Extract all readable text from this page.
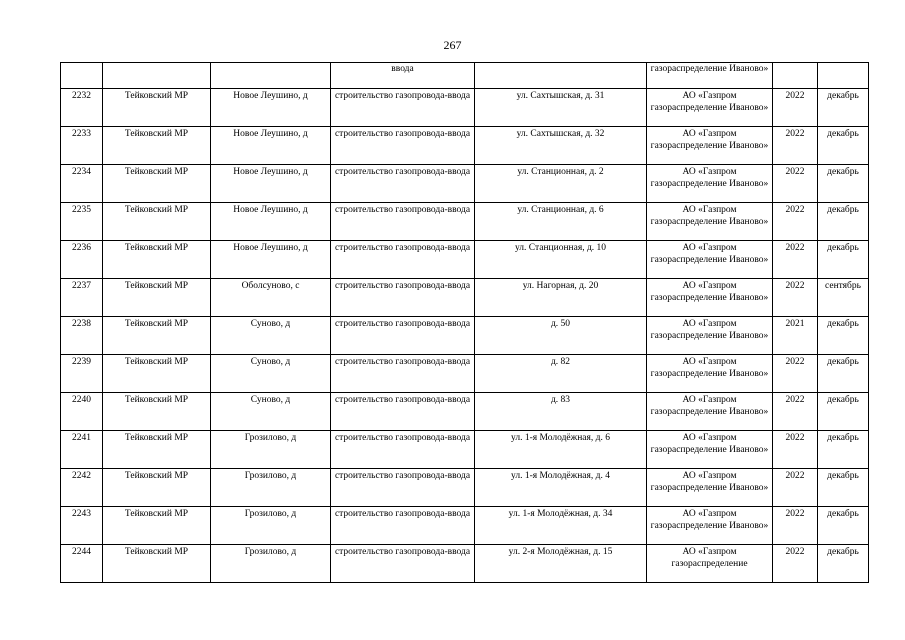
267
			ввода		газораспределение Иваново»		
2232	Тейковский МР	Новое Леушино, д	строительство газопровода-ввода	ул. Сахтышская, д. 31	АО «Газпром газораспределение Иваново»	2022	декабрь
2233	Тейковский МР	Новое Леушино, д	строительство газопровода-ввода	ул. Сахтышская, д. 32	АО «Газпром газораспределение Иваново»	2022	декабрь
2234	Тейковский МР	Новое Леушино, д	строительство газопровода-ввода	ул. Станционная, д. 2	АО «Газпром газораспределение Иваново»	2022	декабрь
2235	Тейковский МР	Новое Леушино, д	строительство газопровода-ввода	ул. Станционная, д. 6	АО «Газпром газораспределение Иваново»	2022	декабрь
2236	Тейковский МР	Новое Леушино, д	строительство газопровода-ввода	ул. Станционная, д. 10	АО «Газпром газораспределение Иваново»	2022	декабрь
2237	Тейковский МР	Оболсуново, с	строительство газопровода-ввода	ул. Нагорная, д. 20	АО «Газпром газораспределение Иваново»	2022	сентябрь
2238	Тейковский МР	Суново, д	строительство газопровода-ввода	д. 50	АО «Газпром газораспределение Иваново»	2021	декабрь
2239	Тейковский МР	Суново, д	строительство газопровода-ввода	д. 82	АО «Газпром газораспределение Иваново»	2022	декабрь
2240	Тейковский МР	Суново, д	строительство газопровода-ввода	д. 83	АО «Газпром газораспределение Иваново»	2022	декабрь
2241	Тейковский МР	Грозилово, д	строительство газопровода-ввода	ул. 1-я Молодёжная, д. 6	АО «Газпром газораспределение Иваново»	2022	декабрь
2242	Тейковский МР	Грозилово, д	строительство газопровода-ввода	ул. 1-я Молодёжная, д. 4	АО «Газпром газораспределение Иваново»	2022	декабрь
2243	Тейковский МР	Грозилово, д	строительство газопровода-ввода	ул. 1-я Молодёжная, д. 34	АО «Газпром газораспределение Иваново»	2022	декабрь
2244	Тейковский МР	Грозилово, д	строительство газопровода-ввода	ул. 2-я Молодёжная, д. 15	АО «Газпром газораспределение	2022	декабрь
